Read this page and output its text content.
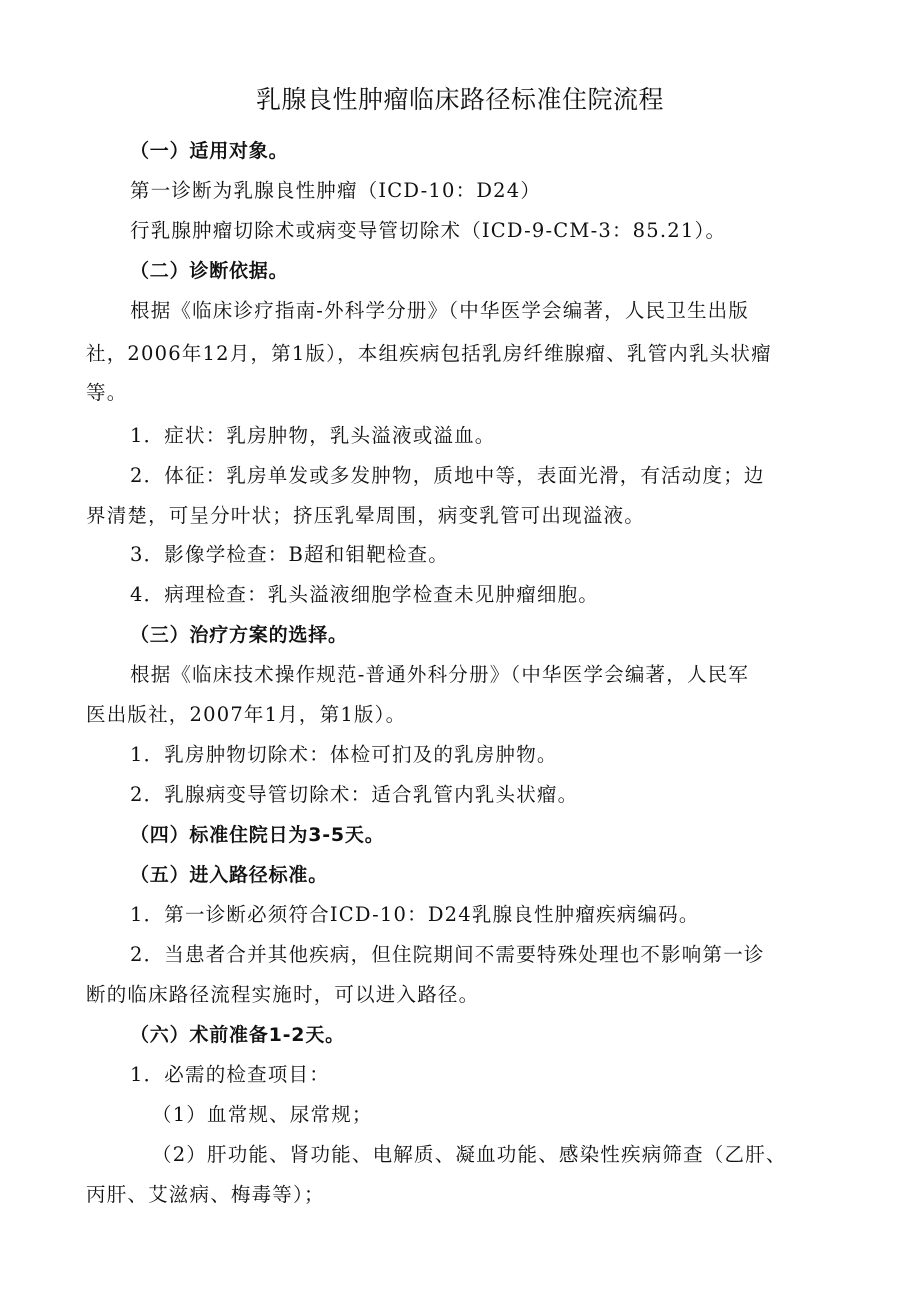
乳腺良性肿瘤临床路径标准住院流程
（一）适用对象。
第一诊断为乳腺良性肿瘤（ICD-10：D24）
行乳腺肿瘤切除术或病变导管切除术（ICD-9-CM-3：85.21）。
（二）诊断依据。
根据《临床诊疗指南-外科学分册》（中华医学会编著，人民卫生出版
社，2006年12月，第1版），本组疾病包括乳房纤维腺瘤、乳管内乳头状瘤
等。
1．症状：乳房肿物，乳头溢液或溢血。
2．体征：乳房单发或多发肿物，质地中等，表面光滑，有活动度；边
界清楚，可呈分叶状；挤压乳晕周围，病变乳管可出现溢液。
3．影像学检查：B超和钼靶检查。
4．病理检查：乳头溢液细胞学检查未见肿瘤细胞。
（三）治疗方案的选择。
根据《临床技术操作规范-普通外科分册》（中华医学会编著，人民军
医出版社，2007年1月，第1版）。
1．乳房肿物切除术：体检可扪及的乳房肿物。
2．乳腺病变导管切除术：适合乳管内乳头状瘤。
（四）标准住院日为3-5天。
（五）进入路径标准。
1．第一诊断必须符合ICD-10：D24乳腺良性肿瘤疾病编码。
2．当患者合并其他疾病，但住院期间不需要特殊处理也不影响第一诊
断的临床路径流程实施时，可以进入路径。
（六）术前准备1-2天。
1．必需的检查项目：
（1）血常规、尿常规；
（2）肝功能、肾功能、电解质、凝血功能、感染性疾病筛查（乙肝、
丙肝、艾滋病、梅毒等）；
